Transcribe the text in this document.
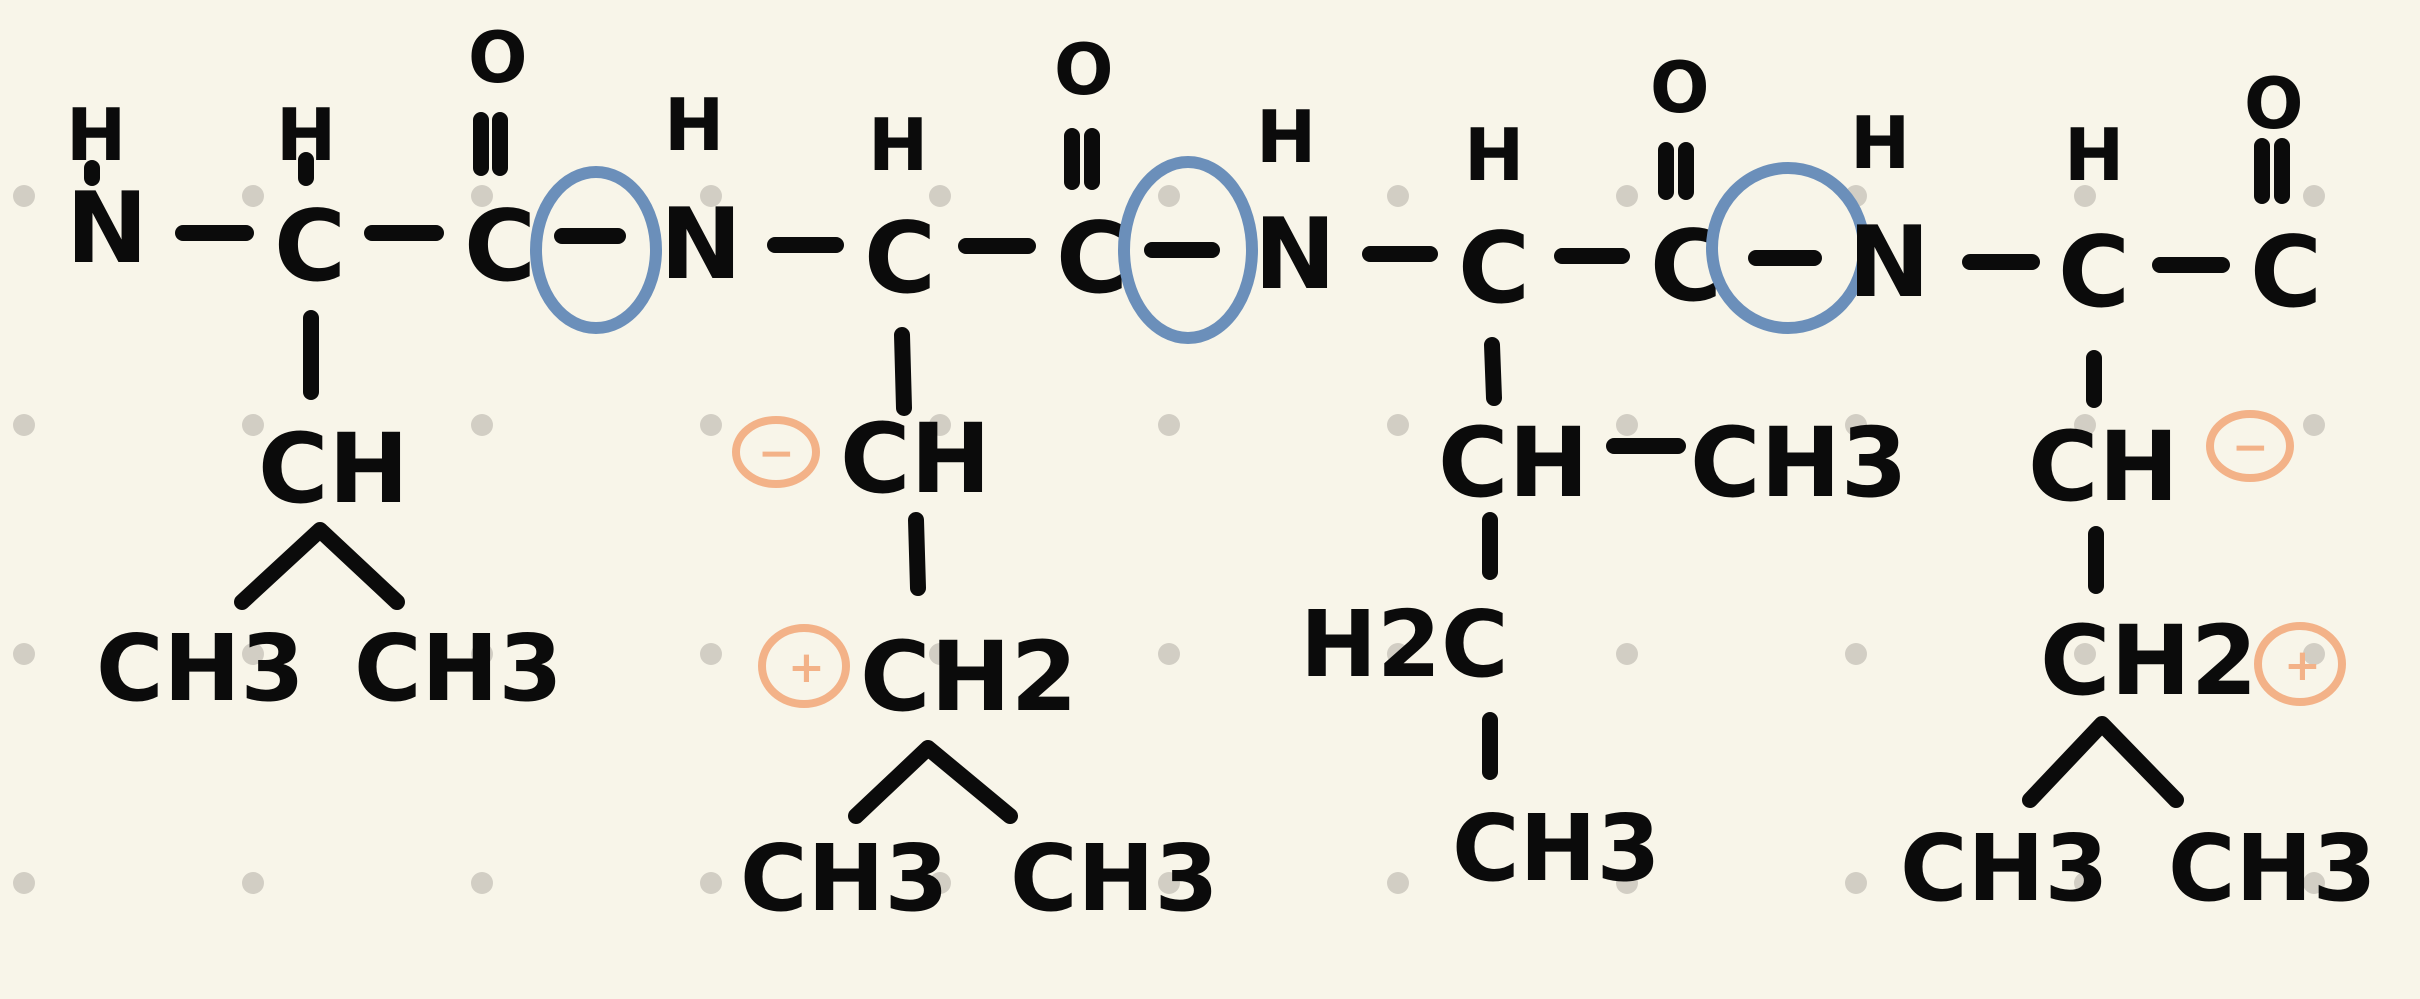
H
N
H
C
O
C
CH
CH3 CH3
H
N
H
C
O
C
CH
CH2
CH3 CH3
−
+
H
N
H
C
O
C
CH CH3
H2C
CH3
H
N
H
C
O
C
CH
CH2
CH3 CH3
−
+
